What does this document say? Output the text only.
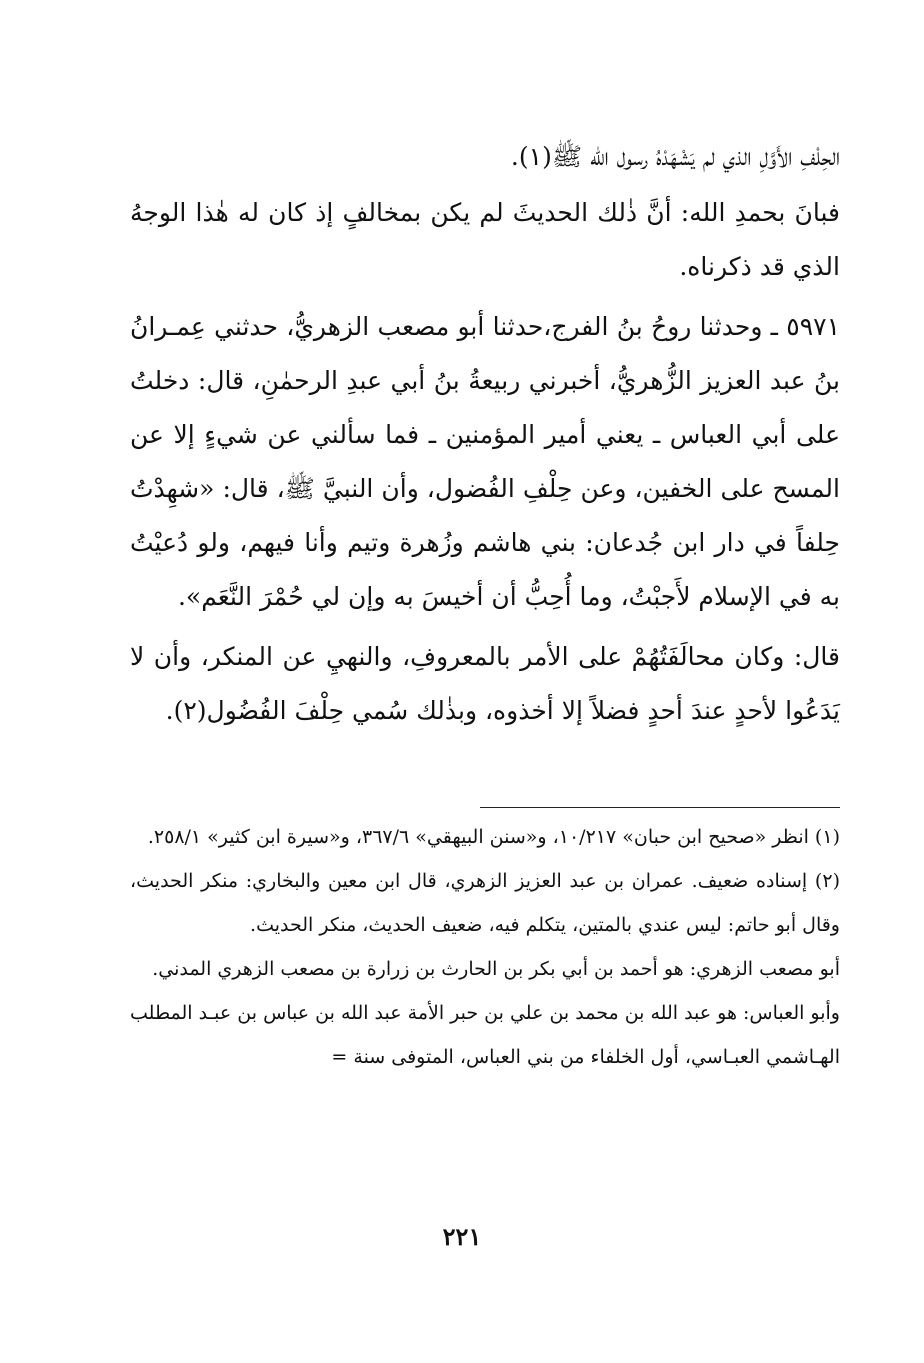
الحِلْفِ الأَوَّلِ الذي لم يَشْهَدْهُ رسول الله ﷺ(١).

فبانَ بحمدِ الله: أنَّ ذٰلك الحديثَ لم يكن بمخالفٍ إذ كان له هٰذا الوجهُ الذي قد ذكرناه.

٥٩٧١ ـ وحدثنا روحُ بنُ الفرج،حدثنا أبو مصعب الزهريُّ، حدثني عِمـرانُ بنُ عبد العزيز الزُّهريُّ، أخبرني ربيعةُ بنُ أبي عبدِ الرحمٰنِ، قال: دخلتُ على أبي العباس ـ يعني أمير المؤمنين ـ فما سألني عن شيءٍ إلا عن المسح على الخفين، وعن حِلْفِ الفُضول، وأن النبيَّ ﷺ، قال: «شهِدْتُ حِلفاً في دار ابن جُدعان: بني هاشم وزُهرة وتيم وأنا فيهم، ولو دُعيْتُ به في الإسلام لأَجبْتُ، وما أُحِبُّ أن أخيسَ به وإن لي حُمْرَ النَّعَم».

قال: وكان محالَفَتُهُمْ على الأمر بالمعروفِ، والنهيِ عن المنكر، وأن لا يَدَعُوا لأحدٍ عندَ أحدٍ فضلاً إلا أخذوه، وبذٰلك سُمي حِلْفَ الفُضُول(٢).

(١) انظر «صحيح ابن حبان» ١٠/٢١٧، و«سنن البيهقي» ٣٦٧/٦، و«سيرة ابن كثير» ٢٥٨/١.

(٢) إسناده ضعيف. عمران بن عبد العزيز الزهري، قال ابن معين والبخاري: منكر الحديث، وقال أبو حاتم: ليس عندي بالمتين، يتكلم فيه، ضعيف الحديث، منكر الحديث.

أبو مصعب الزهري: هو أحمد بن أبي بكر بن الحارث بن زرارة بن مصعب الزهري المدني.

وأبو العباس: هو عبد الله بن محمد بن علي بن حبر الأمة عبد الله بن عباس بن عبـد المطلب الهـاشمي العبـاسي، أول الخلفاء من بني العباس، المتوفى سنة =

٢٢١
